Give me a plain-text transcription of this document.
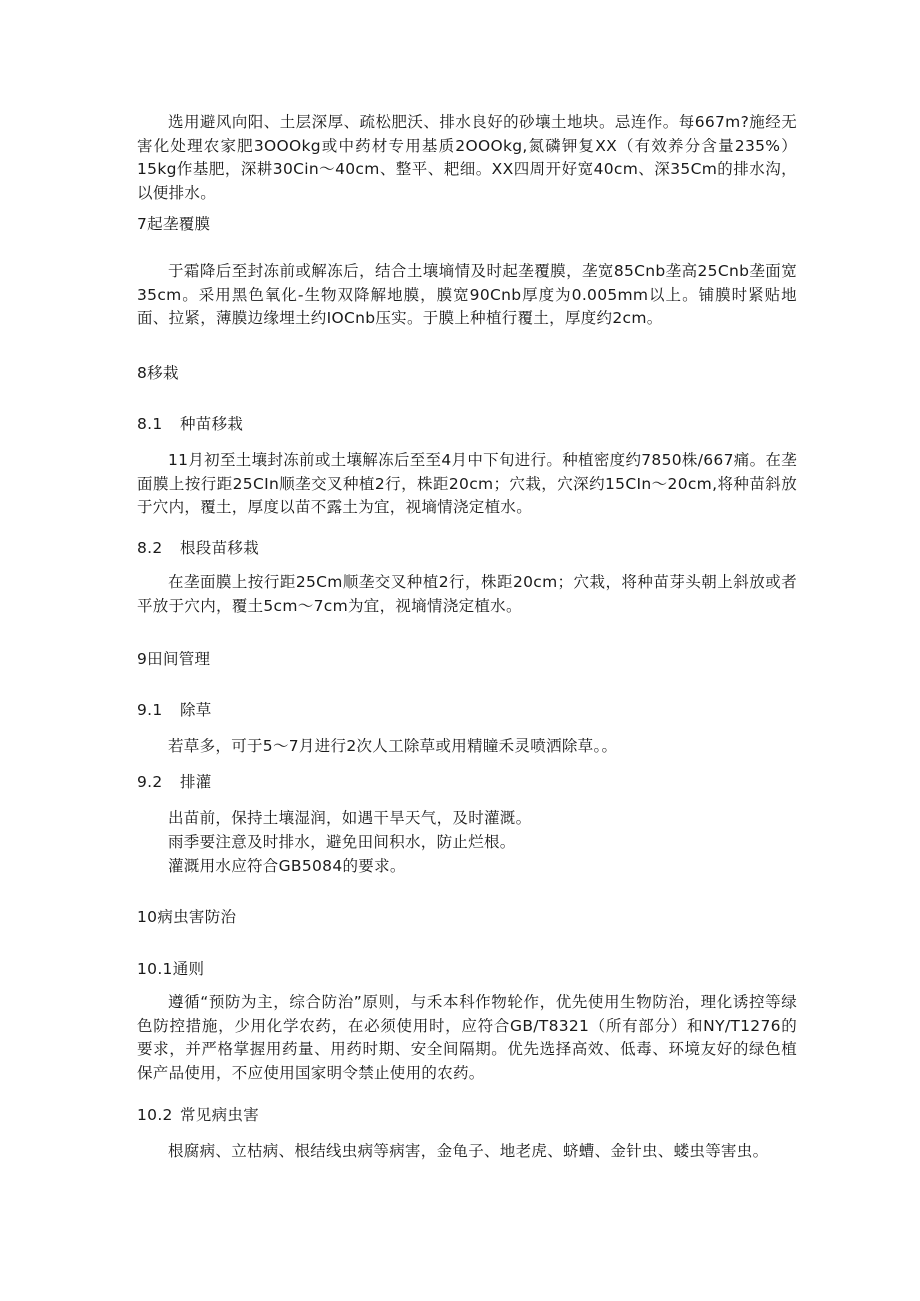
选用避风向阳、土层深厚、疏松肥沃、排水良好的砂壤土地块。忌连作。每667m?施经无害化处理农家肥3OOOkg或中药材专用基质2OOOkg,氮磷钾复XX（有效养分含量235%）15kg作基肥，深耕30Cin～40cm、整平、耙细。XX四周开好宽40cm、深35Cm的排水沟，以便排水。
7起垄覆膜
于霜降后至封冻前或解冻后，结合土壤墒情及时起垄覆膜，垄宽85Cnb垄高25Cnb垄面宽35cm。采用黑色氧化-生物双降解地膜，膜宽90Cnb厚度为0.005mm以上。铺膜时紧贴地面、拉紧，薄膜边缘埋土约IOCnb压实。于膜上种植行覆土，厚度约2cm。
8移栽
8.1 种苗移栽
11月初至土壤封冻前或土壤解冻后至至4月中下旬进行。种植密度约7850株/667痛。在垄面膜上按行距25CIn顺垄交叉种植2行，株距20cm；穴栽，穴深约15CIn～20cm,将种苗斜放于穴内，覆土，厚度以苗不露土为宜，视墒情浇定植水。
8.2 根段苗移栽
在垄面膜上按行距25Cm顺垄交叉种植2行，株距20cm；穴栽，将种苗芽头朝上斜放或者平放于穴内，覆土5cm～7cm为宜，视墒情浇定植水。
9田间管理
9.1 除草
若草多，可于5～7月进行2次人工除草或用精瞳禾灵喷洒除草。。
9.2 排灌
出苗前，保持土壤湿润，如遇干旱天气，及时灌溉。
雨季要注意及时排水，避免田间积水，防止烂根。
灌溉用水应符合GB5084的要求。
10病虫害防治
10.1通则
遵循“预防为主，综合防治”原则，与禾本科作物轮作，优先使用生物防治，理化诱控等绿色防控措施，少用化学农药，在必须使用时，应符合GB/T8321（所有部分）和NY/T1276的要求，并严格掌握用药量、用药时期、安全间隔期。优先选择高效、低毒、环境友好的绿色植保产品使用，不应使用国家明令禁止使用的农药。
10.2 常见病虫害
根腐病、立枯病、根结线虫病等病害，金龟子、地老虎、蛴螬、金针虫、蝼虫等害虫。
